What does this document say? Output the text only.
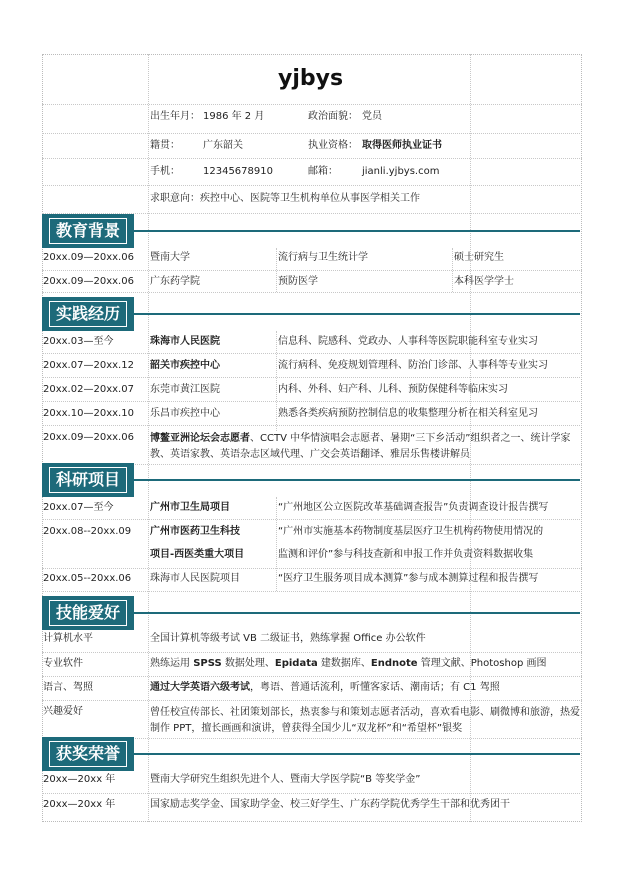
yjbys
出生年月： 1986 年 2 月	政治面貌： 党员
籍贯： 广东韶关	执业资格： 取得医师执业证书
手机： 12345678910	邮箱： jianli.yjbys.com
求职意向：疾控中心、医院等卫生机构单位从事医学相关工作
教育背景
20xx.09—20xx.06 暨南大学	流行病与卫生统计学	硕士研究生
20xx.09—20xx.06 广东药学院	预防医学	本科医学学士
实践经历
20xx.03—至今	珠海市人民医院	信息科、院感科、党政办、人事科等医院职能科室专业实习
20xx.07—20xx.12 韶关市疾控中心	流行病科、免疫规划管理科、防治门诊部、人事科等专业实习
20xx.02—20xx.07 东莞市黄江医院	内科、外科、妇产科、儿科、预防保健科等临床实习
20xx.10—20xx.10 乐昌市疾控中心	熟悉各类疾病预防控制信息的收集整理分析在相关科室见习
20xx.09—20xx.06 博鳌亚洲论坛会志愿者、CCTV 中华情演唱会志愿者、暑期“三下乡活动”组织者之一、统计学家教、英语家教、英语杂志区域代理、广交会英语翻译、雅居乐售楼讲解员
科研项目
20xx.07—至今	广州市卫生局项目	“广州地区公立医院改革基础调查报告”负责调查设计报告撰写
20xx.08--20xx.09 广州市医药卫生科技	“广州市实施基本药物制度基层医疗卫生机构药物使用情况的
项目-西医类重大项目	监测和评价”参与科技查新和申报工作并负责资料数据收集
20xx.05--20xx.06 珠海市人民医院项目	“医疗卫生服务项目成本测算”参与成本测算过程和报告撰写
技能爱好
计算机水平	全国计算机等级考试 VB 二级证书，熟练掌握 Office 办公软件
专业软件	熟练运用 SPSS 数据处理、Epidata 建数据库、Endnote 管理文献、Photoshop 画图
语言、驾照	通过大学英语六级考试，粤语、普通话流利，听懂客家话、潮南话；有 C1 驾照
兴趣爱好	曾任校宣传部长、社团策划部长，热衷参与和策划志愿者活动，喜欢看电影、刷微博和旅游，热爱制作 PPT，擅长画画和演讲，曾获得全国少儿“双龙杯”和“希望杯”银奖
获奖荣誉
20xx—20xx 年	暨南大学研究生组织先进个人、暨南大学医学院“B 等奖学金”
20xx—20xx 年	国家励志奖学金、国家助学金、校三好学生、广东药学院优秀学生干部和优秀团干
